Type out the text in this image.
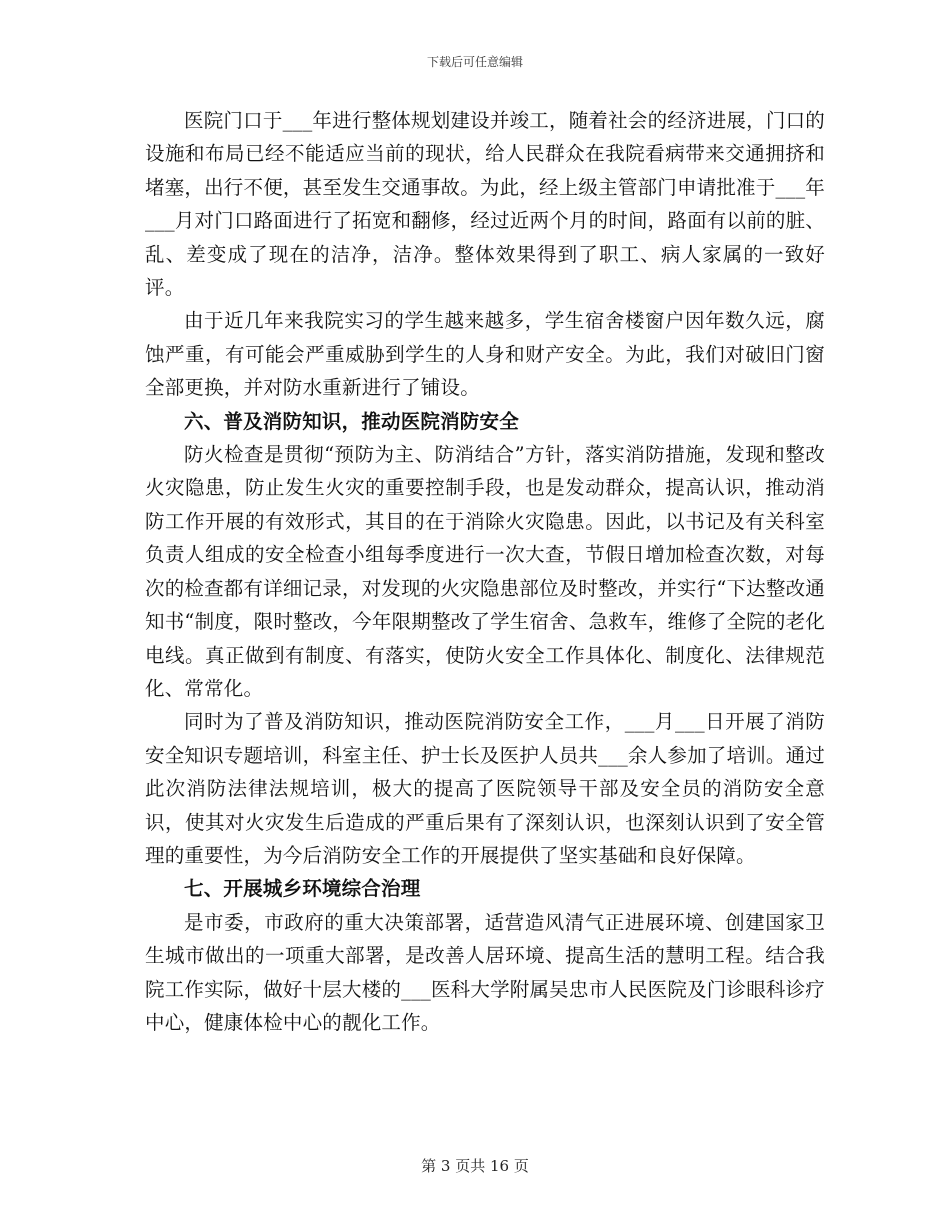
下载后可任意编辑

医院门口于___年进行整体规划建设并竣工，随着社会的经济进展，门口的设施和布局已经不能适应当前的现状，给人民群众在我院看病带来交通拥挤和堵塞，出行不便，甚至发生交通事故。为此，经上级主管部门申请批准于___年___月对门口路面进行了拓宽和翻修，经过近两个月的时间，路面有以前的脏、乱、差变成了现在的洁净，洁净。整体效果得到了职工、病人家属的一致好评。

由于近几年来我院实习的学生越来越多，学生宿舍楼窗户因年数久远，腐蚀严重，有可能会严重威胁到学生的人身和财产安全。为此，我们对破旧门窗全部更换，并对防水重新进行了铺设。

六、普及消防知识，推动医院消防安全

防火检查是贯彻“预防为主、防消结合”方针，落实消防措施，发现和整改火灾隐患，防止发生火灾的重要控制手段，也是发动群众，提高认识，推动消防工作开展的有效形式，其目的在于消除火灾隐患。因此，以书记及有关科室负责人组成的安全检查小组每季度进行一次大查，节假日增加检查次数，对每次的检查都有详细记录，对发现的火灾隐患部位及时整改，并实行“下达整改通知书“制度，限时整改，今年限期整改了学生宿舍、急救车，维修了全院的老化电线。真正做到有制度、有落实，使防火安全工作具体化、制度化、法律规范化、常常化。

同时为了普及消防知识，推动医院消防安全工作，___月___日开展了消防安全知识专题培训，科室主任、护士长及医护人员共___余人参加了培训。通过此次消防法律法规培训，极大的提高了医院领导干部及安全员的消防安全意识，使其对火灾发生后造成的严重后果有了深刻认识，也深刻认识到了安全管理的重要性，为今后消防安全工作的开展提供了坚实基础和良好保障。

七、开展城乡环境综合治理

是市委，市政府的重大决策部署，适营造风清气正进展环境、创建国家卫生城市做出的一项重大部署，是改善人居环境、提高生活的慧明工程。结合我院工作实际，做好十层大楼的___医科大学附属吴忠市人民医院及门诊眼科诊疗中心，健康体检中心的靓化工作。

第 3 页共 16 页
